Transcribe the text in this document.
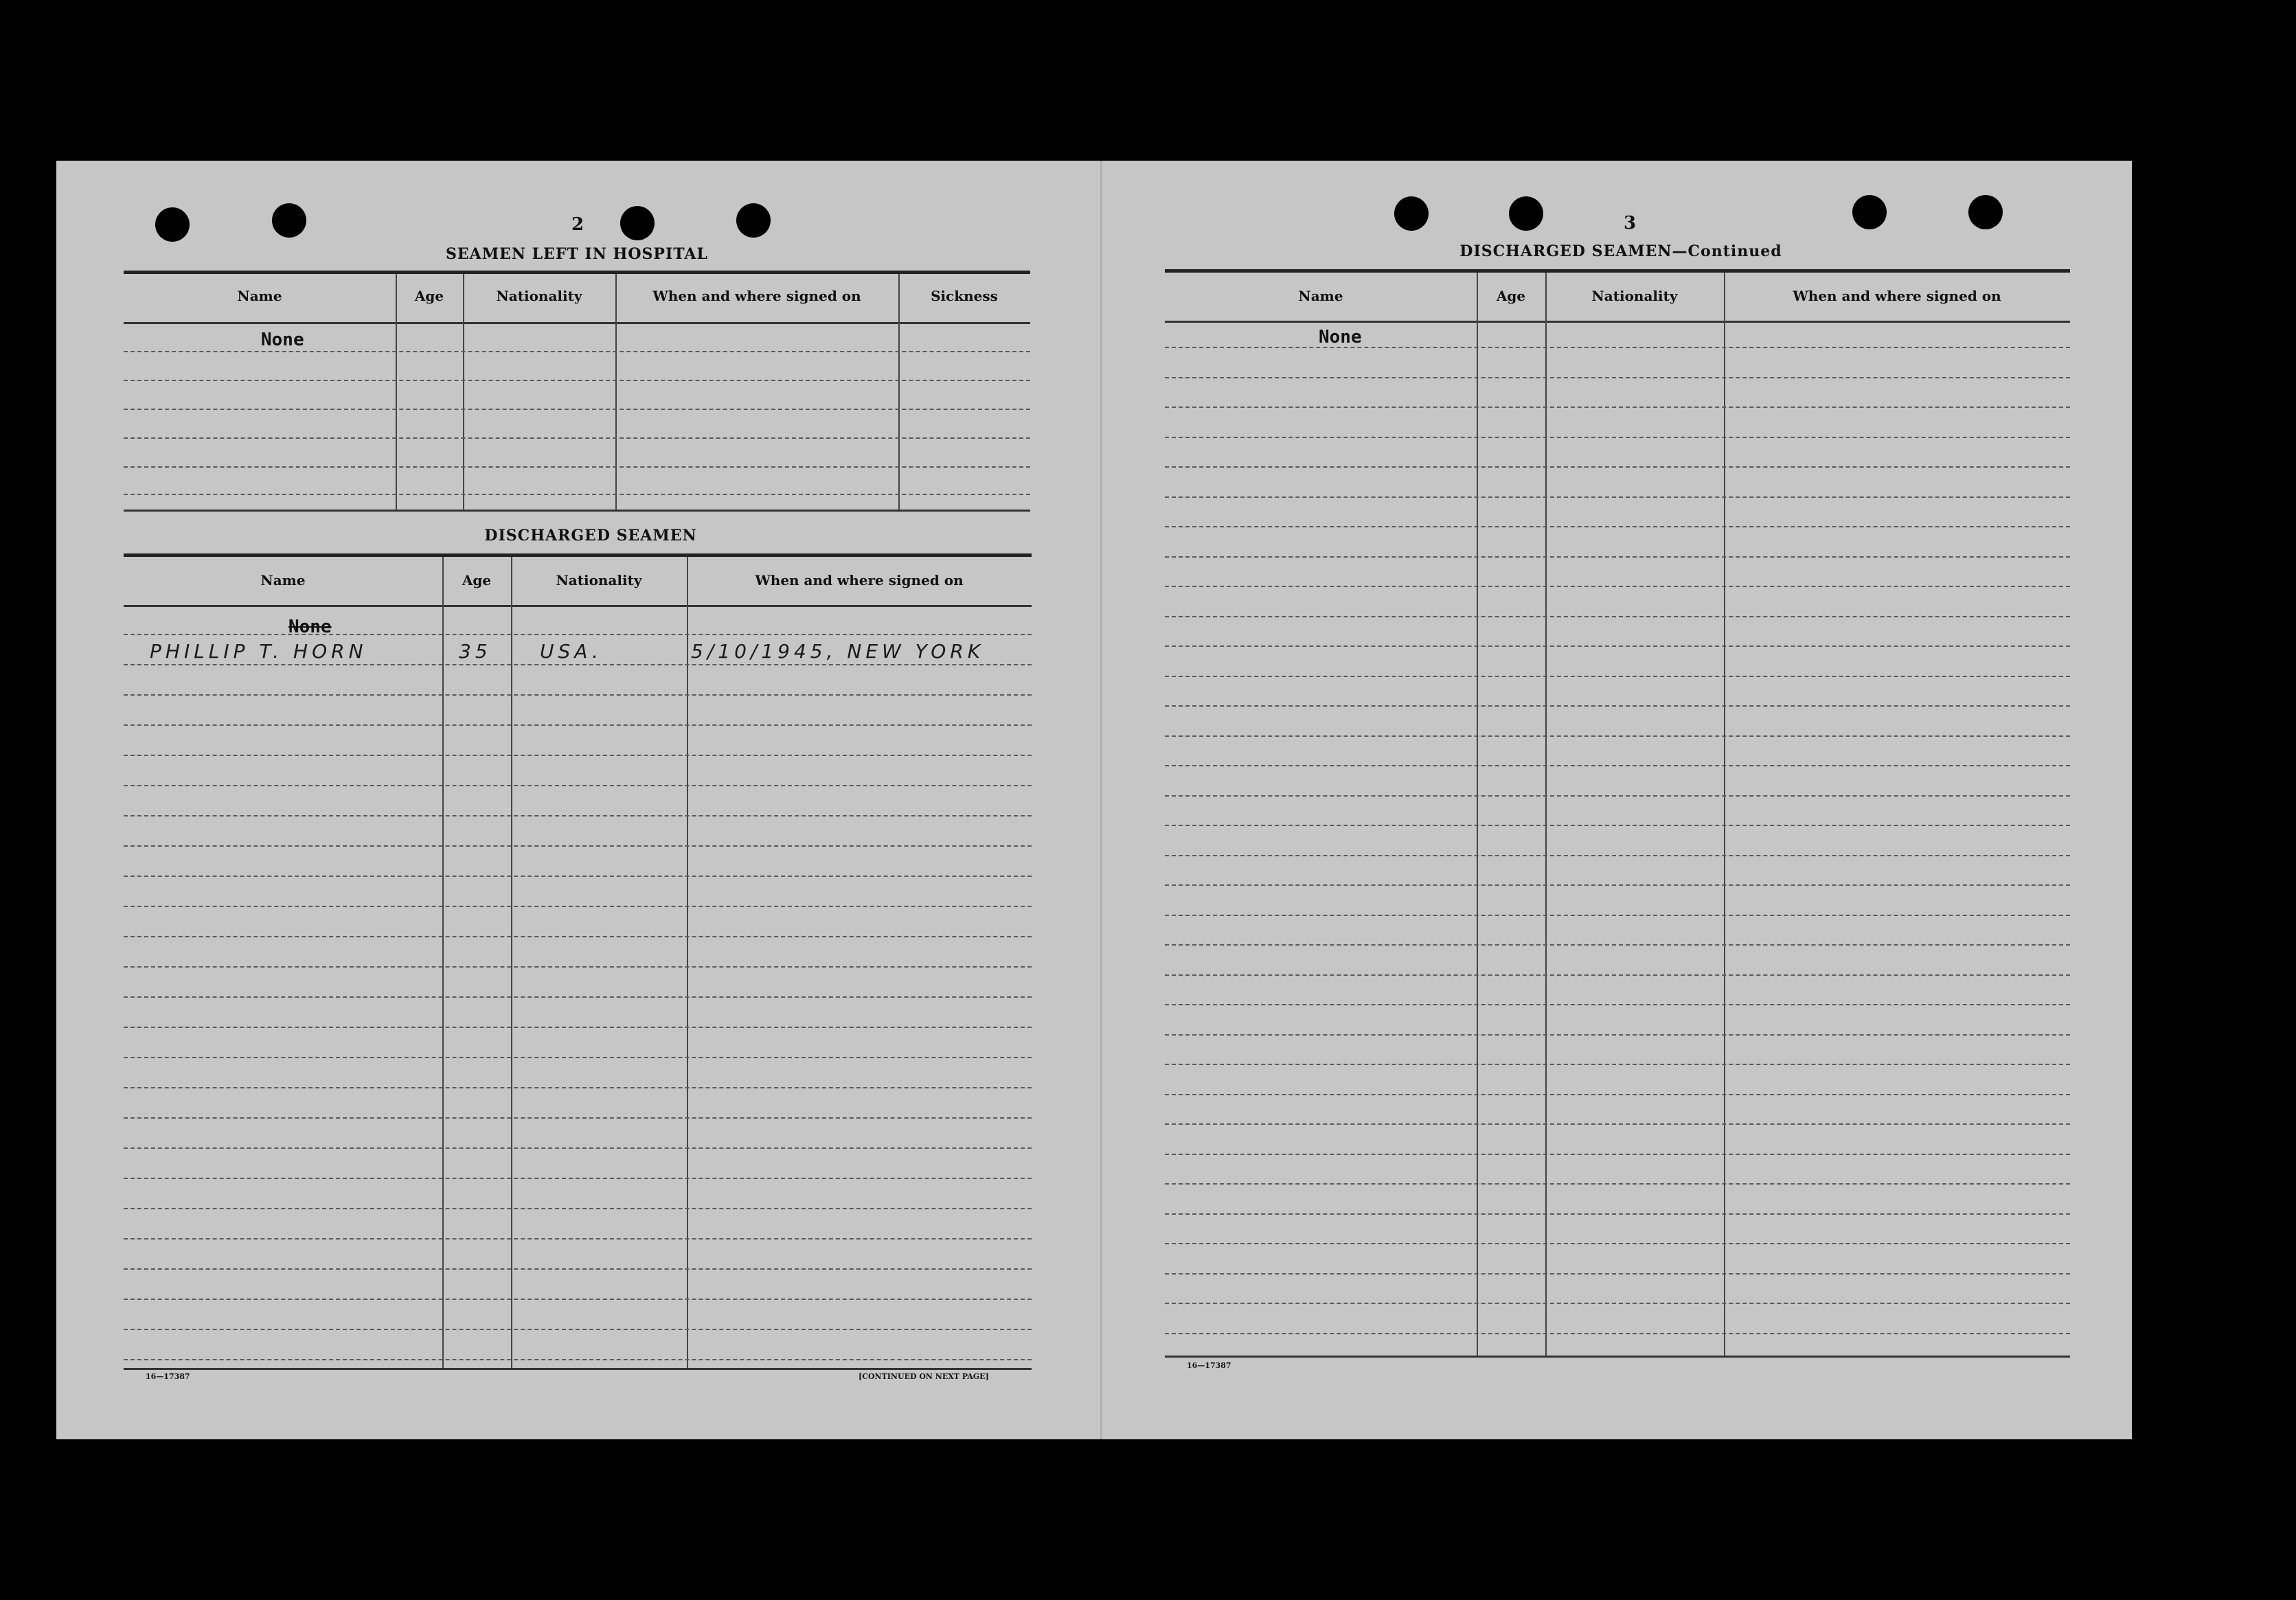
2
SEAMEN LEFT IN HOSPITAL
Name	Age	Nationality	When and where signed on	Sickness
None
DISCHARGED SEAMEN
Name	Age	Nationality	When and where signed on
None
PHILLIP T. HORN	35	USA.	5/10/1945, NEW YORK
16—17387	[CONTINUED ON NEXT PAGE]
3
DISCHARGED SEAMEN—Continued
Name	Age	Nationality	When and where signed on
None
16—17387
